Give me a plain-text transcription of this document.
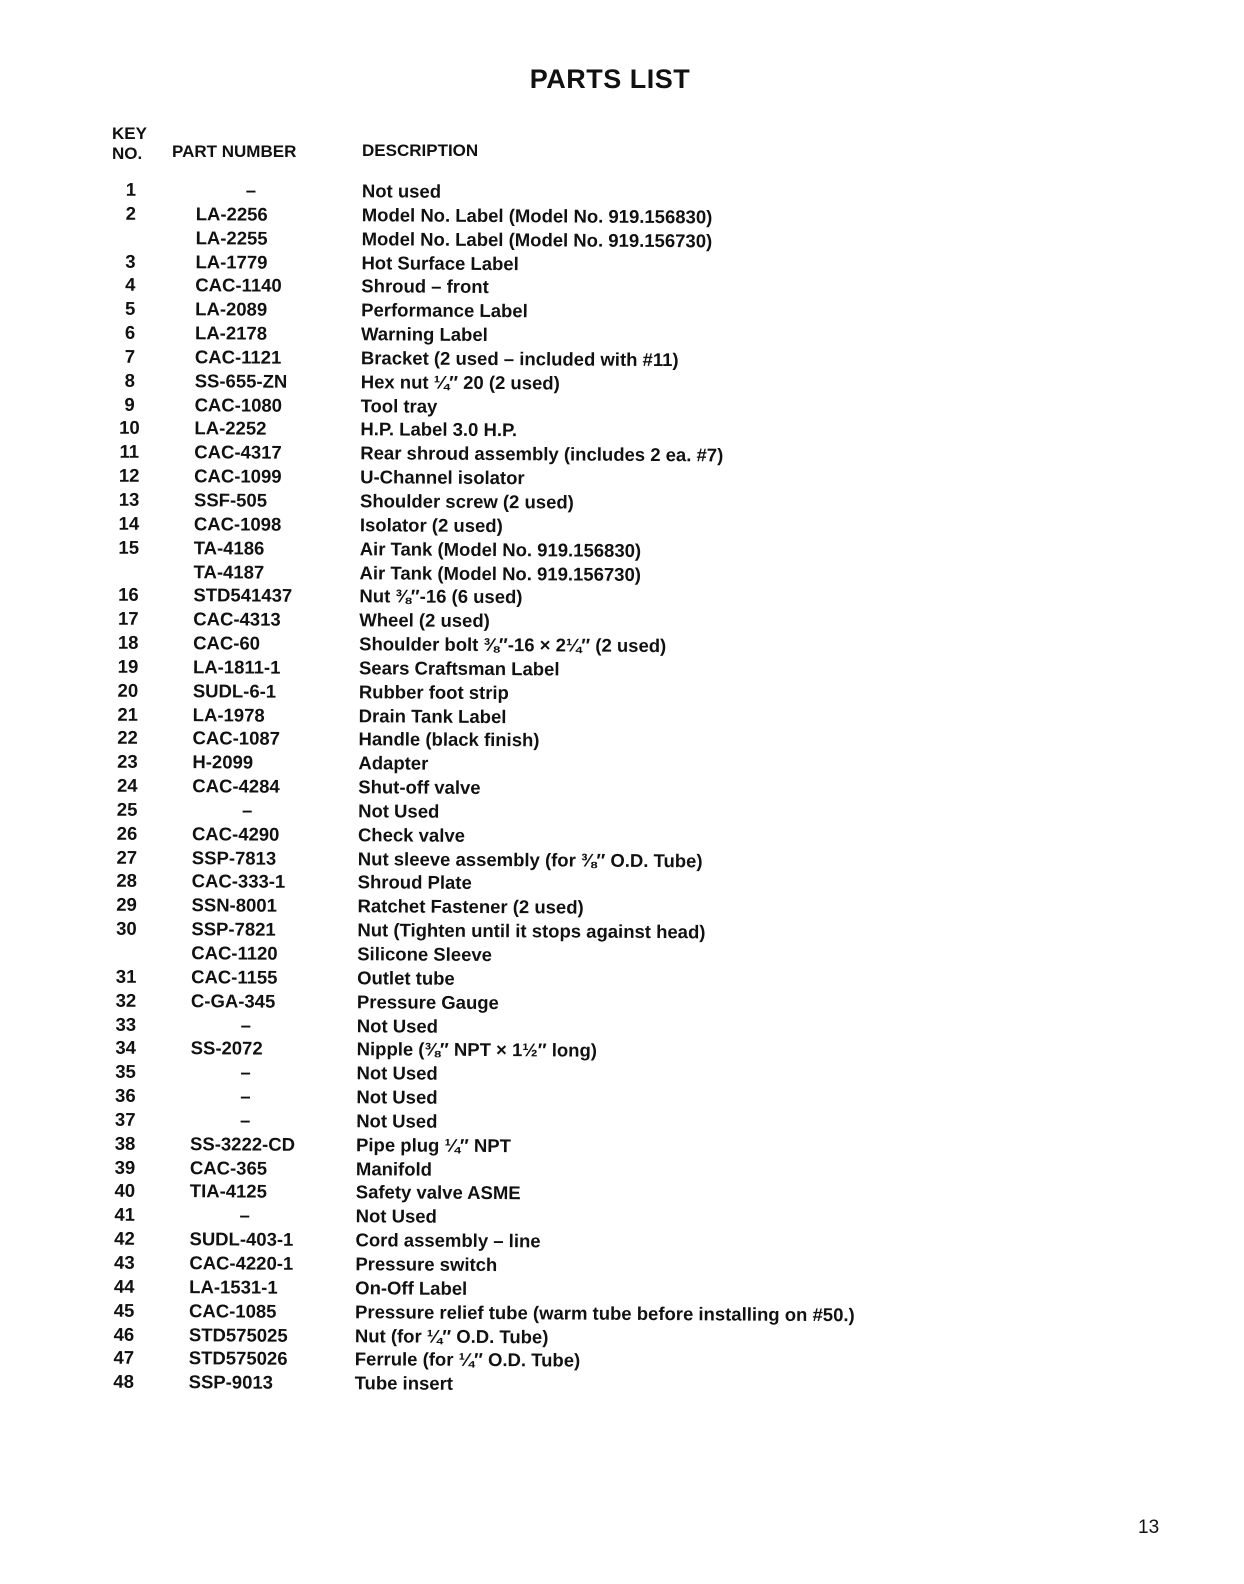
PARTS LIST
KEY
NO. PART NUMBER	DESCRIPTION
1	–	Not used
2	LA-2256	Model No. Label (Model No. 919.156830)
LA-2255	Model No. Label (Model No. 919.156730)
3	LA-1779	Hot Surface Label
4	CAC-1140	Shroud – front
5	LA-2089	Performance Label
6	LA-2178	Warning Label
7	CAC-1121	Bracket (2 used – included with #11)
8	SS-655-ZN	Hex nut ¼″ 20 (2 used)
9	CAC-1080	Tool tray
10	LA-2252	H.P. Label 3.0 H.P.
11	CAC-4317	Rear shroud assembly (includes 2 ea. #7)
12	CAC-1099	U-Channel isolator
13	SSF-505	Shoulder screw (2 used)
14	CAC-1098	Isolator (2 used)
15	TA-4186	Air Tank (Model No. 919.156830)
TA-4187	Air Tank (Model No. 919.156730)
16	STD541437	Nut ⅜″-16 (6 used)
17	CAC-4313	Wheel (2 used)
18	CAC-60	Shoulder bolt ⅜″-16 × 2¼″ (2 used)
19	LA-1811-1	Sears Craftsman Label
20	SUDL-6-1	Rubber foot strip
21	LA-1978	Drain Tank Label
22	CAC-1087	Handle (black finish)
23	H-2099	Adapter
24	CAC-4284	Shut-off valve
25	–	Not Used
26	CAC-4290	Check valve
27	SSP-7813	Nut sleeve assembly (for ⅜″ O.D. Tube)
28	CAC-333-1	Shroud Plate
29	SSN-8001	Ratchet Fastener (2 used)
30	SSP-7821	Nut (Tighten until it stops against head)
CAC-1120	Silicone Sleeve
31	CAC-1155	Outlet tube
32	C-GA-345	Pressure Gauge
33	–	Not Used
34	SS-2072	Nipple (⅜″ NPT × 1½″ long)
35	–	Not Used
36	–	Not Used
37	–	Not Used
38	SS-3222-CD	Pipe plug ¼″ NPT
39	CAC-365	Manifold
40	TIA-4125	Safety valve ASME
41	–	Not Used
42	SUDL-403-1	Cord assembly – line
43	CAC-4220-1	Pressure switch
44	LA-1531-1	On-Off Label
45	CAC-1085	Pressure relief tube (warm tube before installing on #50.)
46	STD575025	Nut (for ¼″ O.D. Tube)
47	STD575026	Ferrule (for ¼″ O.D. Tube)
48	SSP-9013	Tube insert
13
